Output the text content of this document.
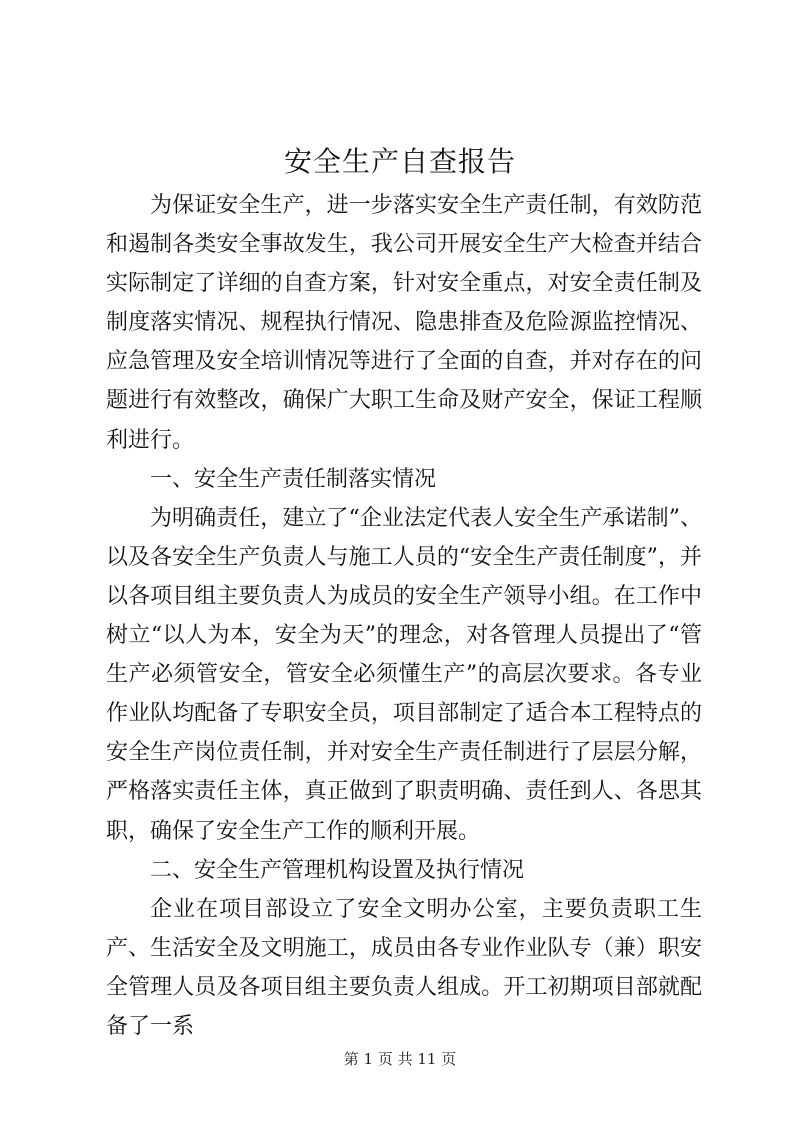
安全生产自查报告

为保证安全生产，进一步落实安全生产责任制，有效防范和遏制各类安全事故发生，我公司开展安全生产大检查并结合实际制定了详细的自查方案，针对安全重点，对安全责任制及制度落实情况、规程执行情况、隐患排查及危险源监控情况、应急管理及安全培训情况等进行了全面的自查，并对存在的问题进行有效整改，确保广大职工生命及财产安全，保证工程顺利进行。

一、安全生产责任制落实情况

为明确责任，建立了“企业法定代表人安全生产承诺制”、以及各安全生产负责人与施工人员的“安全生产责任制度”，并以各项目组主要负责人为成员的安全生产领导小组。在工作中树立“以人为本，安全为天”的理念，对各管理人员提出了“管生产必须管安全，管安全必须懂生产”的高层次要求。各专业作业队均配备了专职安全员，项目部制定了适合本工程特点的安全生产岗位责任制，并对安全生产责任制进行了层层分解，严格落实责任主体，真正做到了职责明确、责任到人、各思其职，确保了安全生产工作的顺利开展。

二、安全生产管理机构设置及执行情况

企业在项目部设立了安全文明办公室，主要负责职工生产、生活安全及文明施工，成员由各专业作业队专（兼）职安全管理人员及各项目组主要负责人组成。开工初期项目部就配备了一系

第 1 页 共 11 页
